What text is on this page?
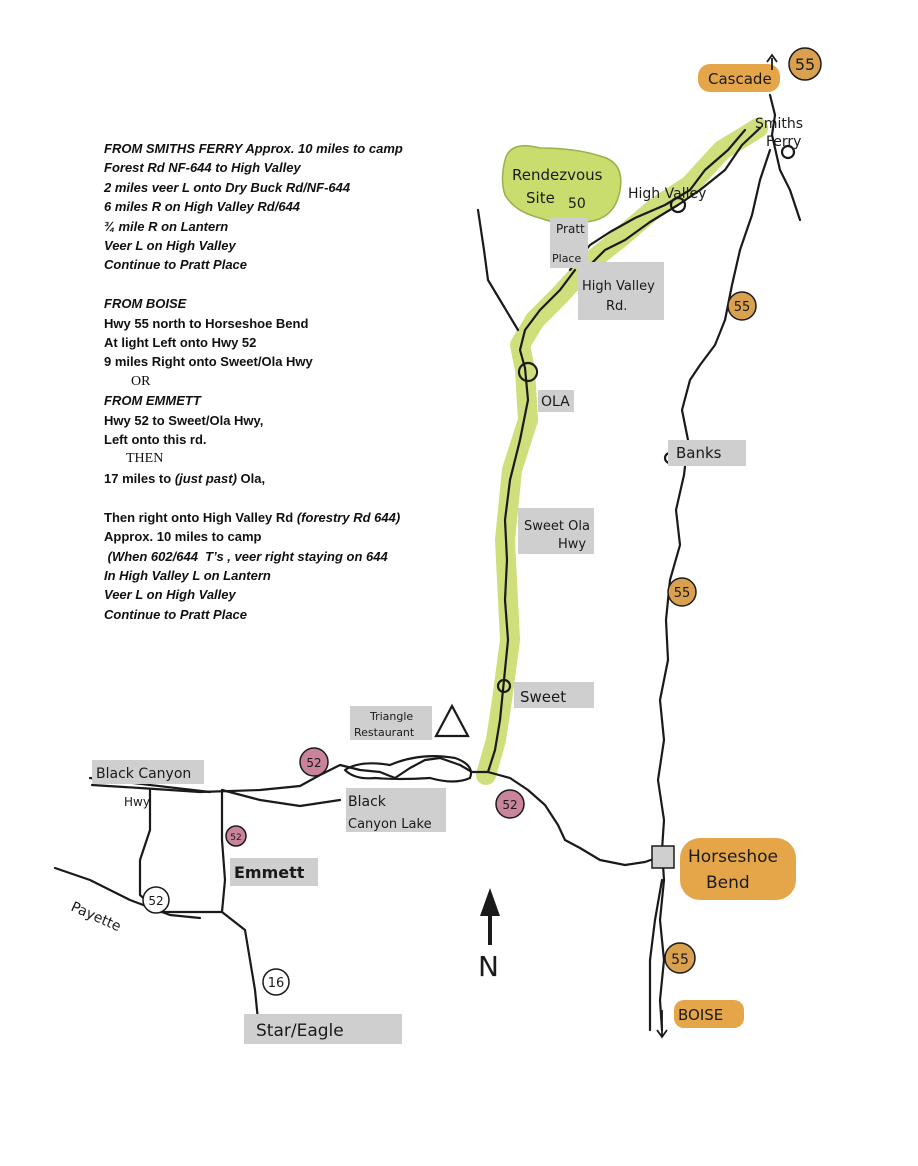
55
55
55
55
52
52
52
52
16
Cascade
Smiths
Ferry
Rendezvous
Site 50
Pratt
Place
High Valley
High Valley
Rd.
OLA
Banks
Sweet Ola
Hwy
Sweet
Triangle
Restaurant
Black Canyon
Hwy	Black
Canyon Lake
Emmett
Horseshoe
Bend
Payette
Star/Eagle
BOISE
N
FROM SMITHS FERRY Approx. 10 miles to camp
Forest Rd NF-644 to High Valley
2 miles veer L onto Dry Buck Rd/NF-644
6 miles R on High Valley Rd/644
¾ mile R on Lantern
Veer L on High Valley
Continue to Pratt Place
FROM BOISE
Hwy 55 north to Horseshoe Bend
At light Left onto Hwy 52
9 miles Right onto Sweet/Ola Hwy
OR
FROM EMMETT
Hwy 52 to Sweet/Ola Hwy,
Left onto this rd.
THEN
17 miles to (just past) Ola,
Then right onto High Valley Rd (forestry Rd 644)
Approx. 10 miles to camp
(When 602/644  T’s , veer right staying on 644
In High Valley L on Lantern
Veer L on High Valley
Continue to Pratt Place
